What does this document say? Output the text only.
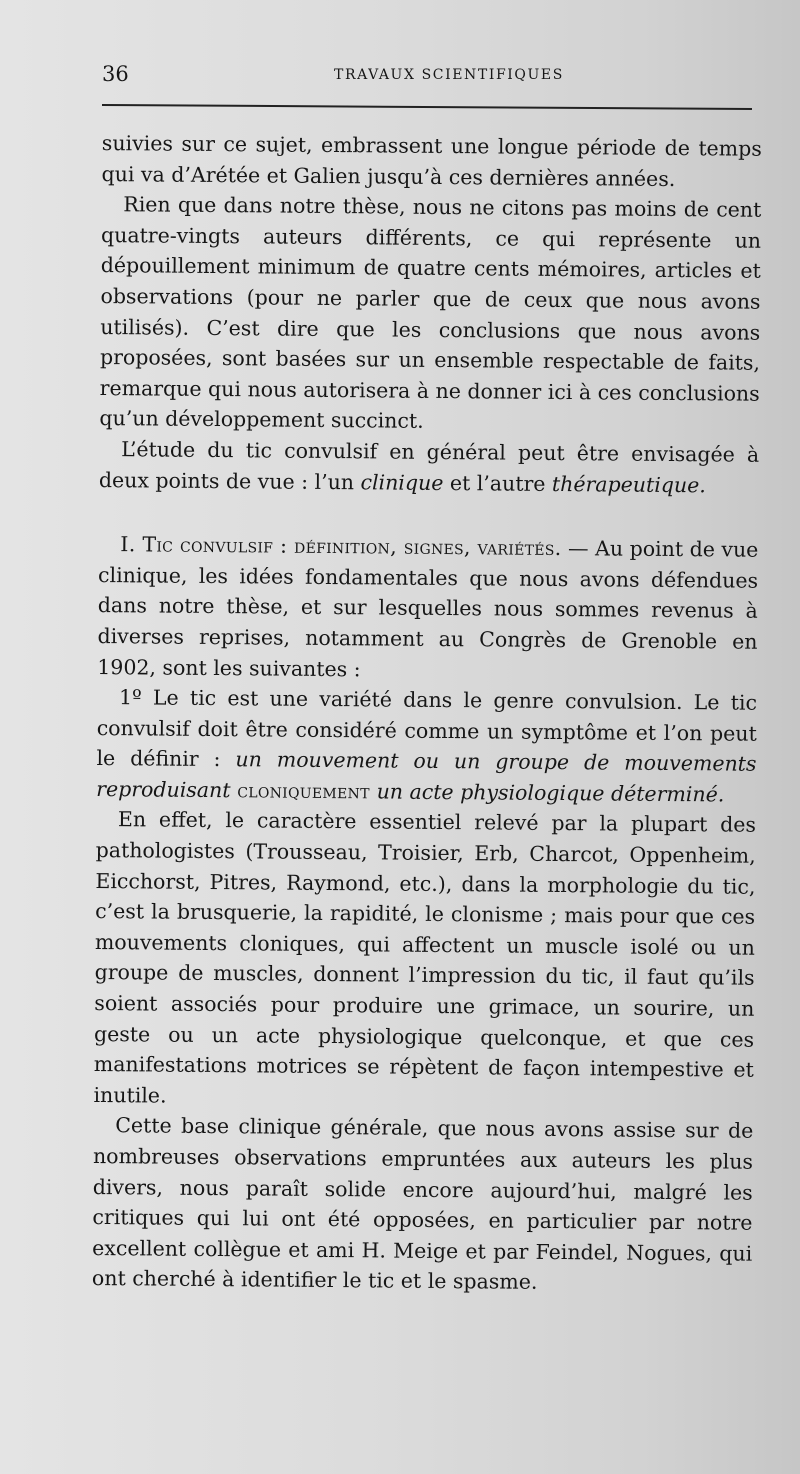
36	TRAVAUX SCIENTIFIQUES

suivies sur ce sujet, embrassent une longue période de temps qui va d’Arétée et Galien jusqu’à ces dernières années.

Rien que dans notre thèse, nous ne citons pas moins de cent quatre-vingts auteurs différents, ce qui représente un dépouillement minimum de quatre cents mémoires, articles et observations (pour ne parler que de ceux que nous avons utilisés). C’est dire que les conclusions que nous avons proposées, sont basées sur un ensemble respectable de faits, remarque qui nous autorisera à ne donner ici à ces conclusions qu’un développement succinct.

L’étude du tic convulsif en général peut être envisagée à deux points de vue : l’un clinique et l’autre thérapeutique.

I. Tic convulsif : définition, signes, variétés. — Au point de vue clinique, les idées fondamentales que nous avons défendues dans notre thèse, et sur lesquelles nous sommes revenus à diverses reprises, notamment au Congrès de Grenoble en 1902, sont les suivantes :

1º Le tic est une variété dans le genre convulsion. Le tic convulsif doit être considéré comme un symptôme et l’on peut le définir : un mouvement ou un groupe de mouvements reproduisant cloniquement un acte physiologique déterminé.

En effet, le caractère essentiel relevé par la plupart des pathologistes (Trousseau, Troisier, Erb, Charcot, Oppenheim, Eicchorst, Pitres, Raymond, etc.), dans la morphologie du tic, c’est la brusquerie, la rapidité, le clonisme ; mais pour que ces mouvements cloniques, qui affectent un muscle isolé ou un groupe de muscles, donnent l’impression du tic, il faut qu’ils soient associés pour produire une grimace, un sourire, un geste ou un acte physiologique quelconque, et que ces manifestations motrices se répètent de façon intempestive et inutile.

Cette base clinique générale, que nous avons assise sur de nombreuses observations empruntées aux auteurs les plus divers, nous paraît solide encore aujourd’hui, malgré les critiques qui lui ont été opposées, en particulier par notre excellent collègue et ami H. Meige et par Feindel, Nogues, qui ont cherché à identifier le tic et le spasme.
